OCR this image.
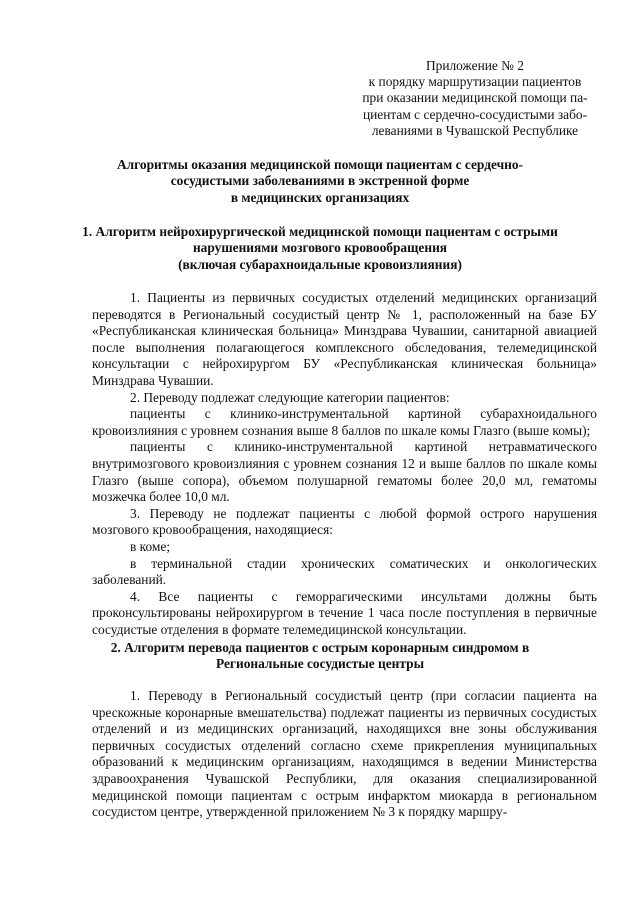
Приложение № 2
к порядку маршрутизации пациентов
при оказании медицинской помощи па-
циентам с сердечно-сосудистыми забо-
леваниями в Чувашской Республике
Алгоритмы оказания медицинской помощи пациентам с сердечно-
сосудистыми заболеваниями в экстренной форме
в медицинских организациях
1. Алгоритм нейрохирургической медицинской помощи пациентам с острыми
нарушениями мозгового кровообращения
(включая субарахноидальные кровоизлияния)

1. Пациенты из первичных сосудистых отделений медицинских организаций переводятся в Региональный сосудистый центр № 1, расположенный на базе БУ «Республиканская клиническая больница» Минздрава Чувашии, санитарной авиацией после выполнения полагающегося комплексного обследования, телемедицинской консультации с нейрохирургом БУ «Республиканская клиническая больница» Минздрава Чувашии.

2. Переводу подлежат следующие категории пациентов:

пациенты с клинико-инструментальной картиной субарахноидального кровоизлияния с уровнем сознания выше 8 баллов по шкале комы Глазго (выше комы);

пациенты с клинико-инструментальной картиной нетравматического внутримозгового кровоизлияния с уровнем сознания 12 и выше баллов по шкале комы Глазго (выше сопора), объемом полушарной гематомы более 20,0 мл, гематомы мозжечка более 10,0 мл.

3. Переводу не подлежат пациенты с любой формой острого нарушения мозгового кровообращения, находящиеся:

в коме;

в терминальной стадии хронических соматических и онкологических заболеваний.

4. Все пациенты с геморрагическими инсультами должны быть проконсультированы нейрохирургом в течение 1 часа после поступления в первичные сосудистые отделения в формате телемедицинской консультации.

2. Алгоритм перевода пациентов с острым коронарным синдромом в
Региональные сосудистые центры

1. Переводу в Региональный сосудистый центр (при согласии пациента на чрескожные коронарные вмешательства) подлежат пациенты из первичных сосудистых отделений и из медицинских организаций, находящихся вне зоны обслуживания первичных сосудистых отделений согласно схеме прикрепления муниципальных образований к медицинским организациям, находящимся в ведении Министерства здравоохранения Чувашской Республики, для оказания специализированной медицинской помощи пациентам с острым инфарктом миокарда в региональном сосудистом центре, утвержденной приложением № 3 к порядку маршру-
